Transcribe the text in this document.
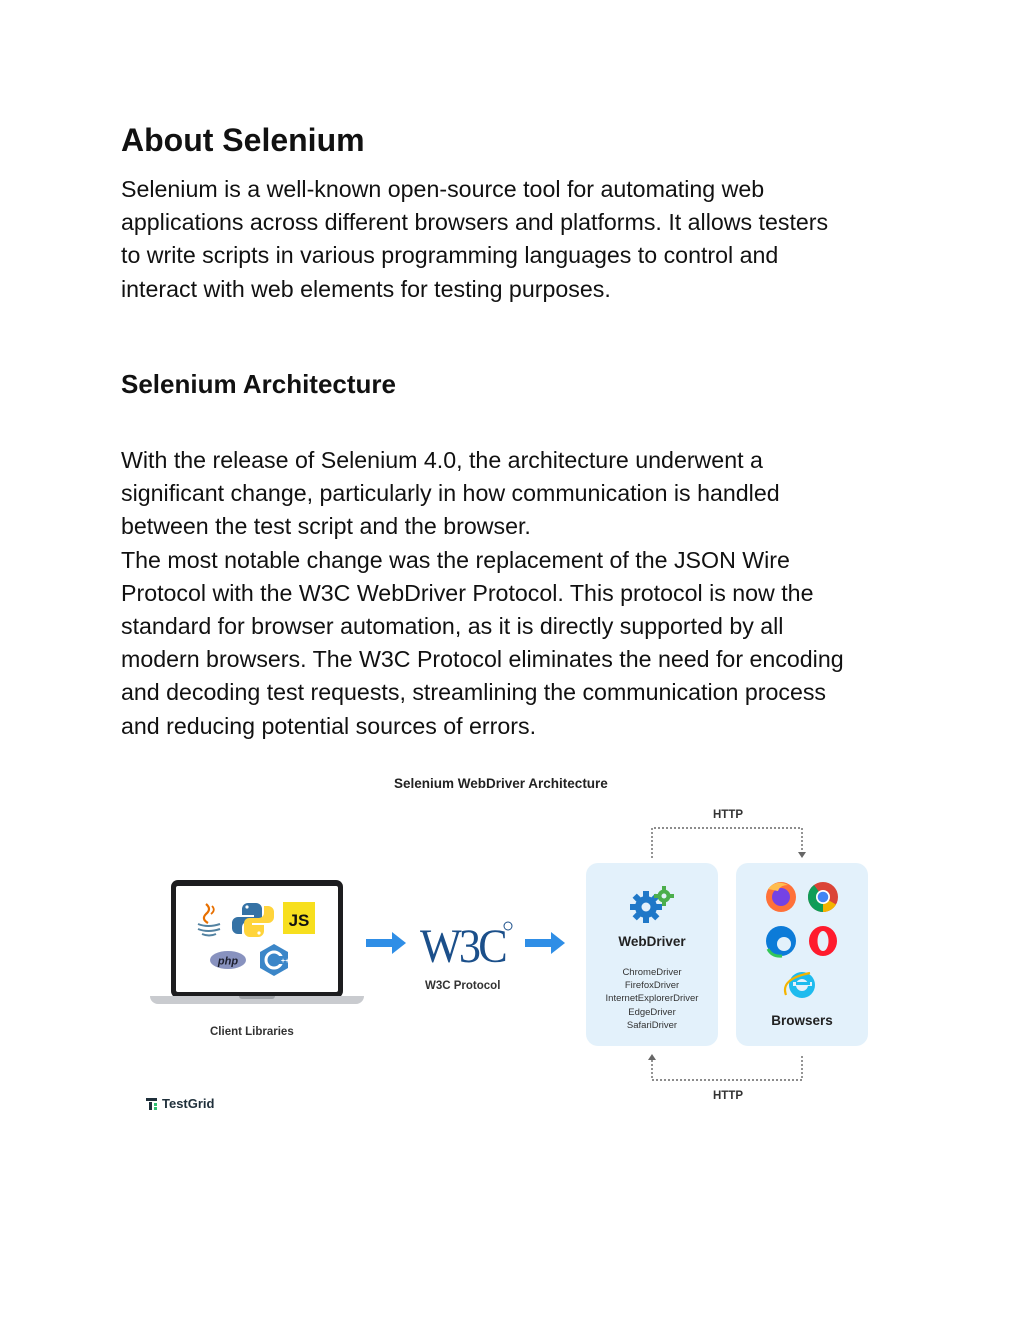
About Selenium

Selenium is a well-known open-source tool for automating web
applications across different browsers and platforms. It allows testers
to write scripts in various programming languages to control and
interact with web elements for testing purposes.

Selenium Architecture

With the release of Selenium 4.0, the architecture underwent a
significant change, particularly in how communication is handled
between the test script and the browser.
The most notable change was the replacement of the JSON Wire
Protocol with the W3C WebDriver Protocol. This protocol is now the
standard for browser automation, as it is directly supported by all
modern browsers. The W3C Protocol eliminates the need for encoding
and decoding test requests, streamlining the communication process
and reducing potential sources of errors.

Selenium WebDriver Architecture
HTTP
HTTP
JS
php	++
Client Libraries
W3C
W3C Protocol
WebDriver
ChromeDriver
FirefoxDriver
InternetExplorerDriver
EdgeDriver
SafariDriver	Browsers
TestGrid
